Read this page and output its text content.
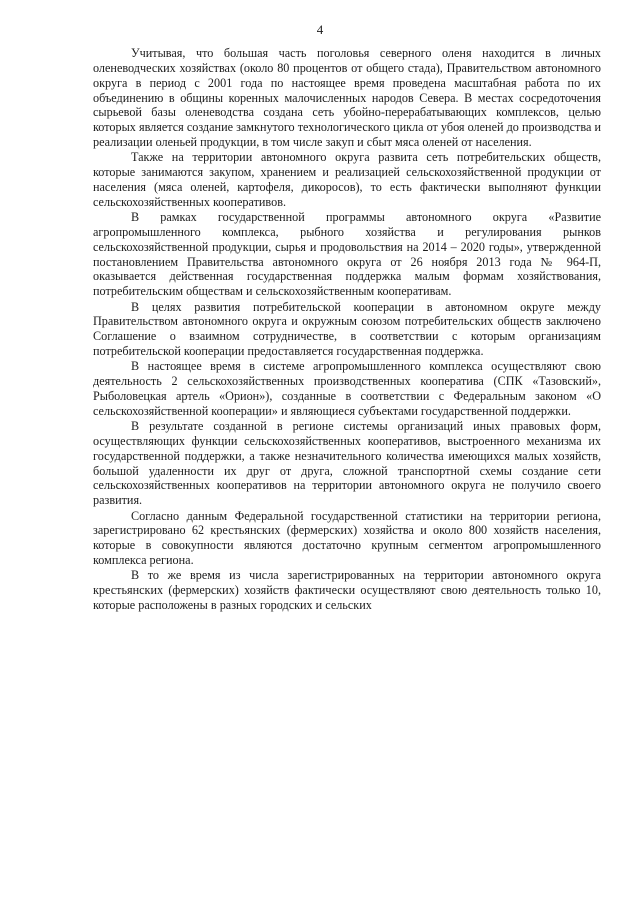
4

Учитывая, что большая часть поголовья северного оленя находится в личных оленеводческих хозяйствах (около 80 процентов от общего стада), Правительством автономного округа в период с 2001 года по настоящее время проведена масштабная работа по их объединению в общины коренных малочисленных народов Севера. В местах сосредоточения сырьевой базы оленеводства создана сеть убойно-перерабатывающих комплексов, целью которых является создание замкнутого технологического цикла от убоя оленей до производства и реализации оленьей продукции, в том числе закуп и сбыт мяса оленей от населения.

Также на территории автономного округа развита сеть потребительских обществ, которые занимаются закупом, хранением и реализацией сельскохозяйственной продукции от населения (мяса оленей, картофеля, дикоросов), то есть фактически выполняют функции сельскохозяйственных кооперативов.

В рамках государственной программы автономного округа «Развитие агропромышленного комплекса, рыбного хозяйства и регулирования рынков сельскохозяйственной продукции, сырья и продовольствия на 2014 – 2020 годы», утвержденной постановлением Правительства автономного округа от 26 ноября 2013 года № 964-П, оказывается действенная государственная поддержка малым формам хозяйствования, потребительским обществам и сельскохозяйственным кооперативам.

В целях развития потребительской кооперации в автономном округе между Правительством автономного округа и окружным союзом потребительских обществ заключено Соглашение о взаимном сотрудничестве, в соответствии с которым организациям потребительской кооперации предоставляется государственная поддержка.

В настоящее время в системе агропромышленного комплекса осуществляют свою деятельность 2 сельскохозяйственных производственных кооператива (СПК «Тазовский», Рыболовецкая артель «Орион»), созданные в соответствии с Федеральным законом «О сельскохозяйственной кооперации» и являющиеся субъектами государственной поддержки.

В результате созданной в регионе системы организаций иных правовых форм, осуществляющих функции сельскохозяйственных кооперативов, выстроенного механизма их государственной поддержки, а также незначительного количества имеющихся малых хозяйств, большой удаленности их друг от друга, сложной транспортной схемы создание сети сельскохозяйственных кооперативов на территории автономного округа не получило своего развития.

Согласно данным Федеральной государственной статистики на территории региона, зарегистрировано 62 крестьянских (фермерских) хозяйства и около 800 хозяйств населения, которые в совокупности являются достаточно крупным сегментом агропромышленного комплекса региона.

В то же время из числа зарегистрированных на территории автономного округа крестьянских (фермерских) хозяйств фактически осуществляют свою деятельность только 10, которые расположены в разных городских и сельских
